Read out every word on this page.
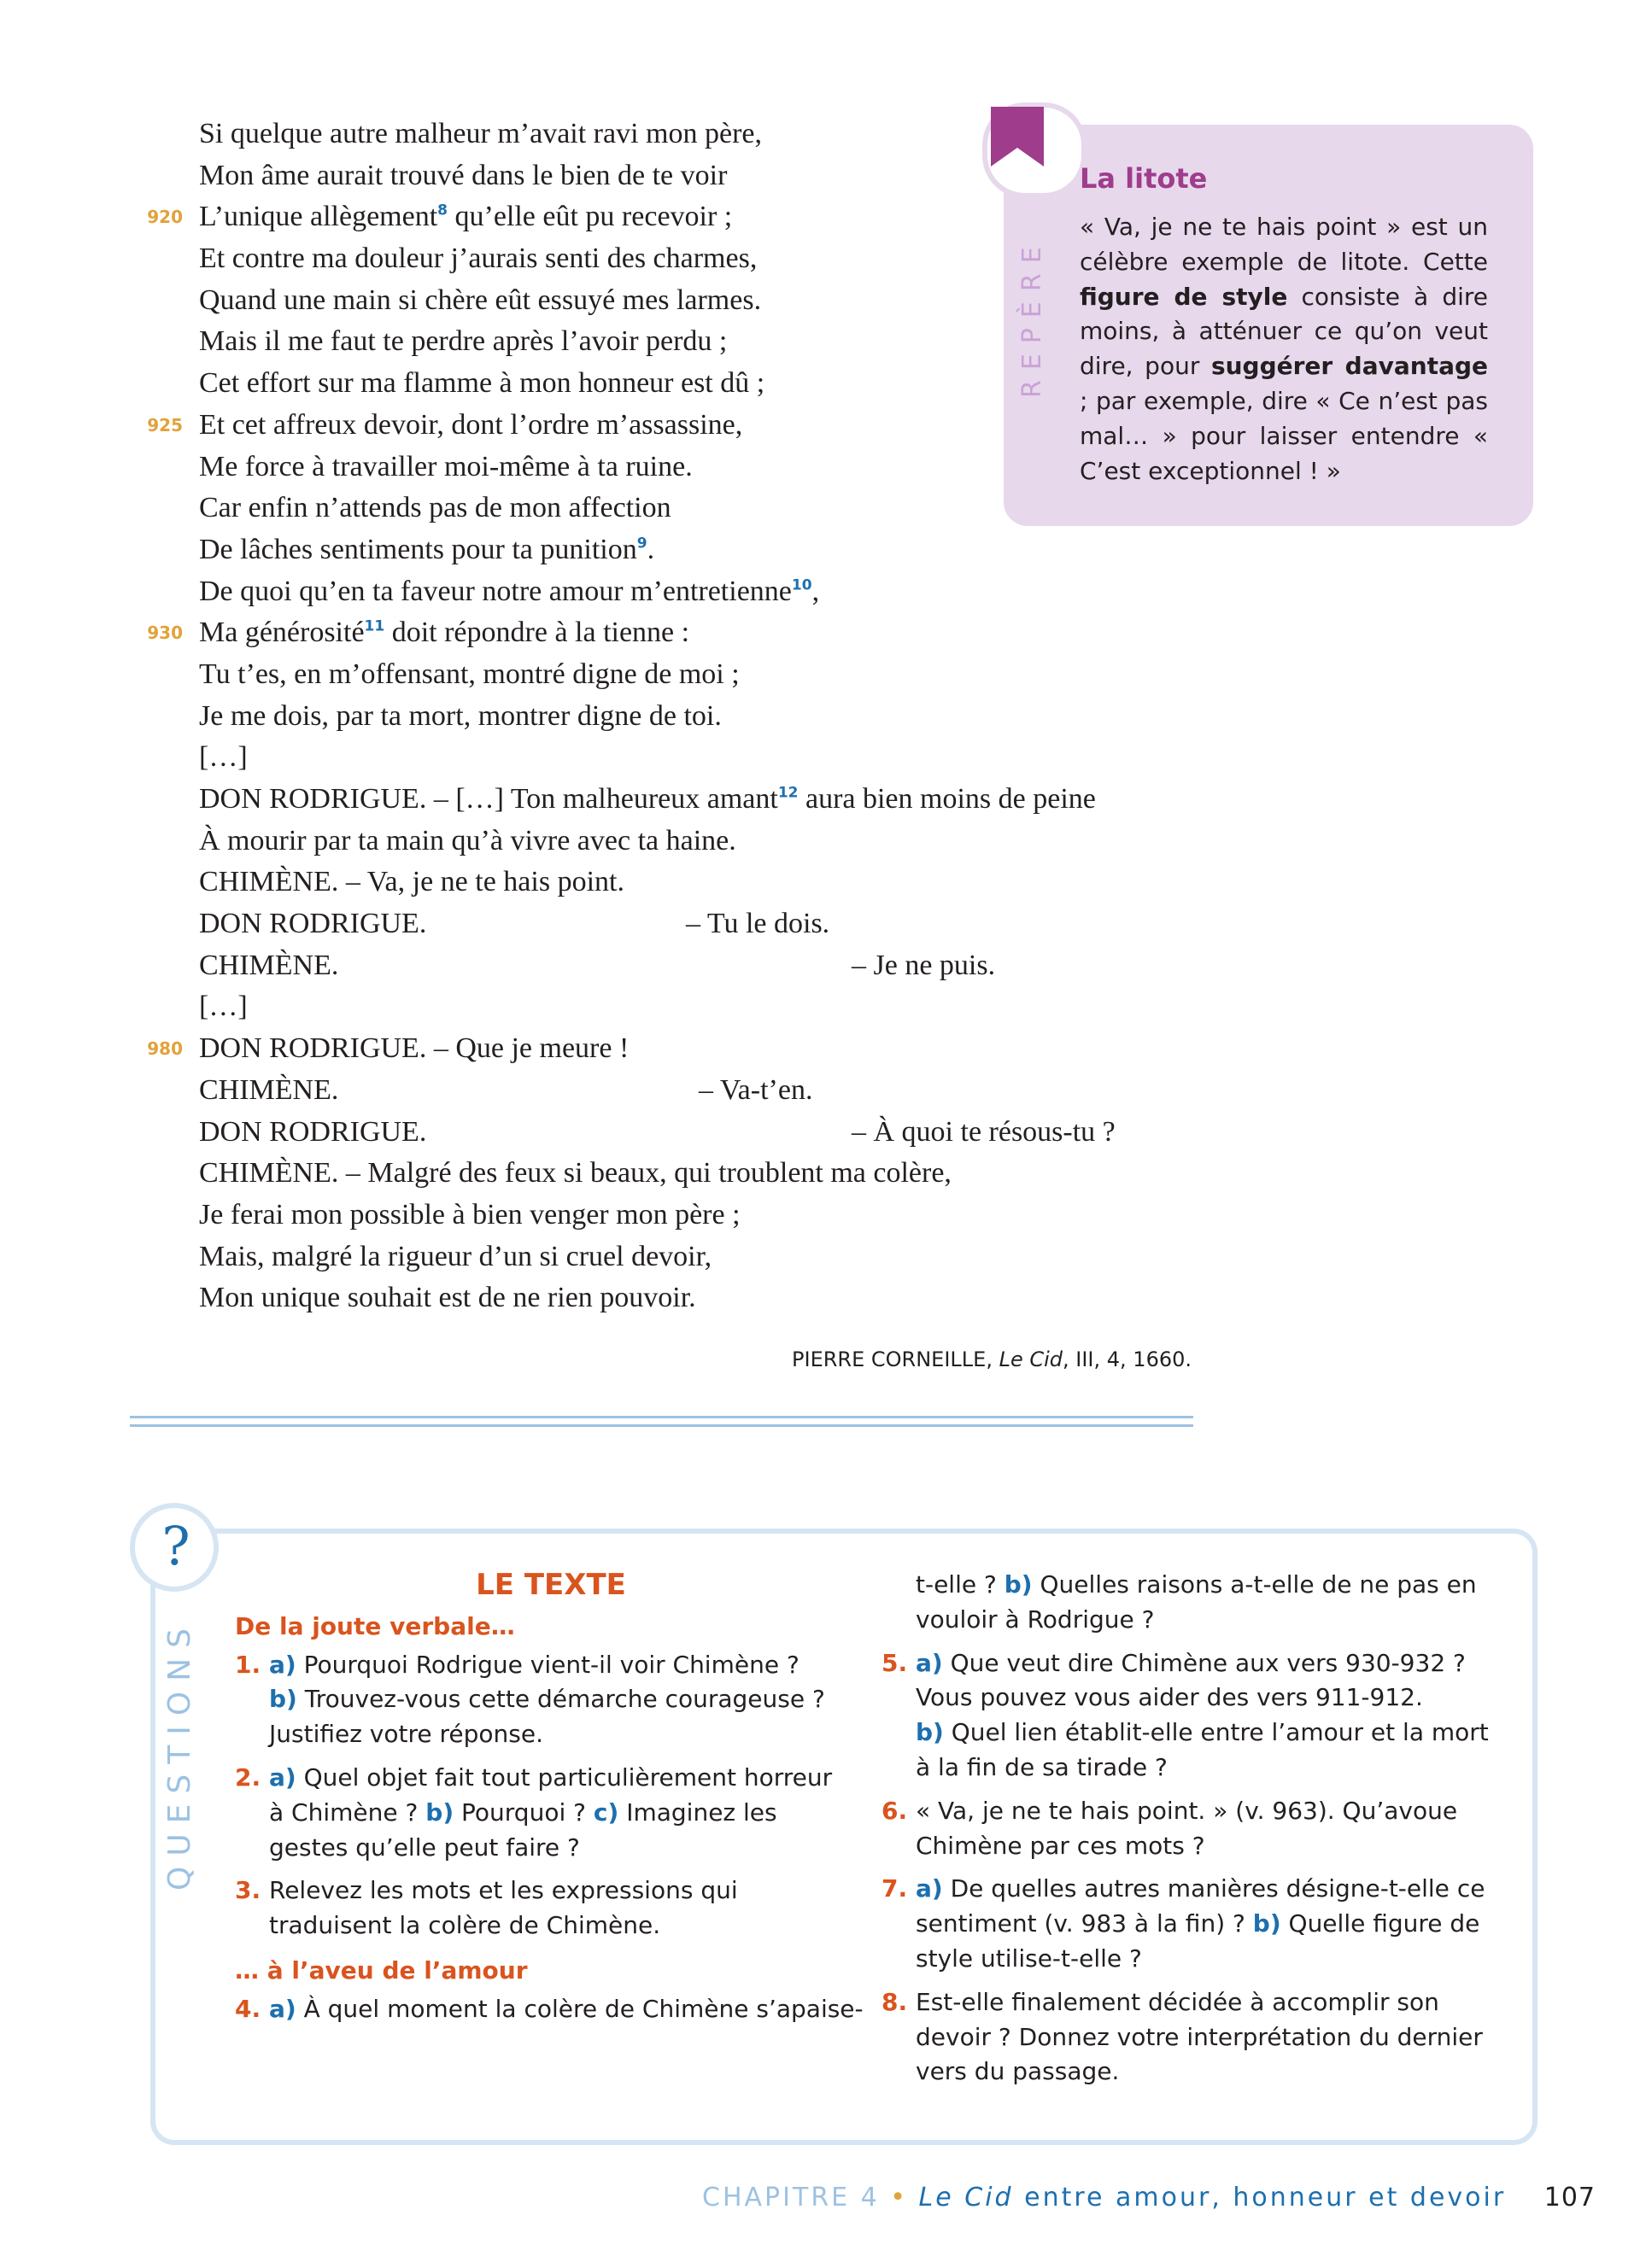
Si quelque autre malheur m’avait ravi mon père,
Mon âme aurait trouvé dans le bien de te voir
920 L’unique allègement$^8$ qu’elle eût pu recevoir ;
Et contre ma douleur j’aurais senti des charmes,
Quand une main si chère eût essuyé mes larmes.
Mais il me faut te perdre après l’avoir perdu ;
Cet effort sur ma flamme à mon honneur est dû ;
925 Et cet affreux devoir, dont l’ordre m’assassine,
Me force à travailler moi-même à ta ruine.
Car enfin n’attends pas de mon affection
De lâches sentiments pour ta punition$^9$.
De quoi qu’en ta faveur notre amour m’entretienne$^{10}$,
930 Ma générosité$^{11}$ doit répondre à la tienne :
Tu t’es, en m’offensant, montré digne de moi ;
Je me dois, par ta mort, montrer digne de toi.
[…]
DON RODRIGUE. – […] Ton malheureux amant$^{12}$ aura bien moins de peine
À mourir par ta main qu’à vivre avec ta haine.
CHIMÈNE. – Va, je ne te hais point.
DON RODRIGUE.	– Tu le dois.
CHIMÈNE.	– Je ne puis.
[…]
980 DON RODRIGUE. – Que je meure !
CHIMÈNE.	– Va-t’en.
DON RODRIGUE.	– À quoi te résous-tu ?
CHIMÈNE. – Malgré des feux si beaux, qui troublent ma colère,
Je ferai mon possible à bien venger mon père ;
Mais, malgré la rigueur d’un si cruel devoir,
Mon unique souhait est de ne rien pouvoir.
PIERRE CORNEILLE, Le Cid, III, 4, 1660.
REPÈRE
La litote
« Va, je ne te hais point » est un célèbre exemple de litote. Cette figure de style consiste à dire moins, à atténuer ce qu’on veut dire, pour suggérer davantage ; par exemple, dire « Ce n’est pas mal… » pour laisser entendre « C’est exceptionnel ! »
?
QUESTIONS
LE TEXTE
De la joute verbale…
1. a) Pourquoi Rodrigue vient-il voir Chimène ?
b) Trouvez-vous cette démarche courageuse ? Justifiez votre réponse.
2. a) Quel objet fait tout particulièrement horreur à Chimène ? b) Pourquoi ? c) Imaginez les gestes qu’elle peut faire ?
3. Relevez les mots et les expressions qui traduisent la colère de Chimène.
… à l’aveu de l’amour
4. a) À quel moment la colère de Chimène s’apaise-
t-elle ? b) Quelles raisons a-t-elle de ne pas en vouloir à Rodrigue ?
5. a) Que veut dire Chimène aux vers 930-932 ? Vous pouvez vous aider des vers 911-912.
b) Quel lien établit-elle entre l’amour et la mort à la fin de sa tirade ?
6. « Va, je ne te hais point. » (v. 963). Qu’avoue Chimène par ces mots ?
7. a) De quelles autres manières désigne-t-elle ce sentiment (v. 983 à la fin) ? b) Quelle figure de style utilise-t-elle ?
8. Est-elle finalement décidée à accomplir son devoir ? Donnez votre interprétation du dernier vers du passage.
CHAPITRE 4 • Le Cid entre amour, honneur et devoir 107
